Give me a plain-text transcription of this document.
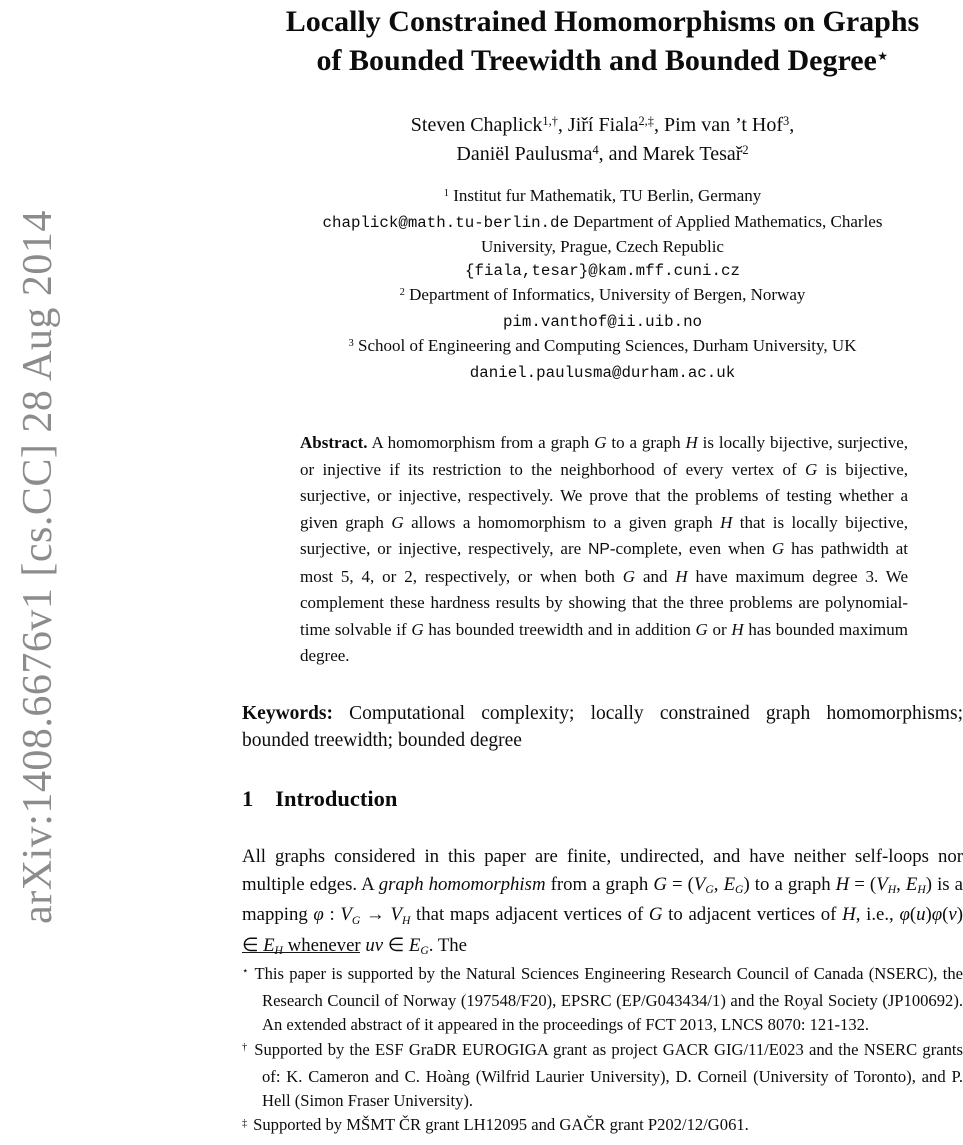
arXiv:1408.6676v1 [cs.CC] 28 Aug 2014
Locally Constrained Homomorphisms on Graphs
of Bounded Treewidth and Bounded Degree⋆
Steven Chaplick$^{1,\dagger}$, Jiří Fiala$^{2,\ddagger}$, Pim van ’t Hof$^3$,
Daniël Paulusma$^4$, and Marek Tesař$^2$
$^1$ Institut fur Mathematik, TU Berlin, Germany
chaplick@math.tu-berlin.de Department of Applied Mathematics, Charles
University, Prague, Czech Republic
{fiala,tesar}@kam.mff.cuni.cz
$^2$ Department of Informatics, University of Bergen, Norway
pim.vanthof@ii.uib.no
$^3$ School of Engineering and Computing Sciences, Durham University, UK
daniel.paulusma@durham.ac.uk
Abstract. A homomorphism from a graph G to a graph H is locally bijective, surjective, or injective if its restriction to the neighborhood of every vertex of G is bijective, surjective, or injective, respectively. We prove that the problems of testing whether a given graph G allows a homomorphism to a given graph H that is locally bijective, surjective, or injective, respectively, are NP-complete, even when G has pathwidth at most 5, 4, or 2, respectively, or when both G and H have maximum degree 3. We complement these hardness results by showing that the three problems are polynomial-time solvable if G has bounded treewidth and in addition G or H has bounded maximum degree.
Keywords: Computational complexity; locally constrained graph homomorphisms; bounded treewidth; bounded degree
1 Introduction
All graphs considered in this paper are finite, undirected, and have neither self-loops nor multiple edges. A graph homomorphism from a graph G = (VG, EG) to a graph H = (VH, EH) is a mapping φ : VG → VH that maps adjacent vertices of G to adjacent vertices of H, i.e., φ(u)φ(v) ∈ EH whenever uv ∈ EG. The
⋆ This paper is supported by the Natural Sciences Engineering Research Council of Canada (NSERC), the Research Council of Norway (197548/F20), EPSRC (EP/G043434/1) and the Royal Society (JP100692). An extended abstract of it appeared in the proceedings of FCT 2013, LNCS 8070: 121-132.
† Supported by the ESF GraDR EUROGIGA grant as project GACR GIG/11/E023 and the NSERC grants of: K. Cameron and C. Hoàng (Wilfrid Laurier University), D. Corneil (University of Toronto), and P. Hell (Simon Fraser University).
‡ Supported by MŠMT ČR grant LH12095 and GAČR grant P202/12/G061.
